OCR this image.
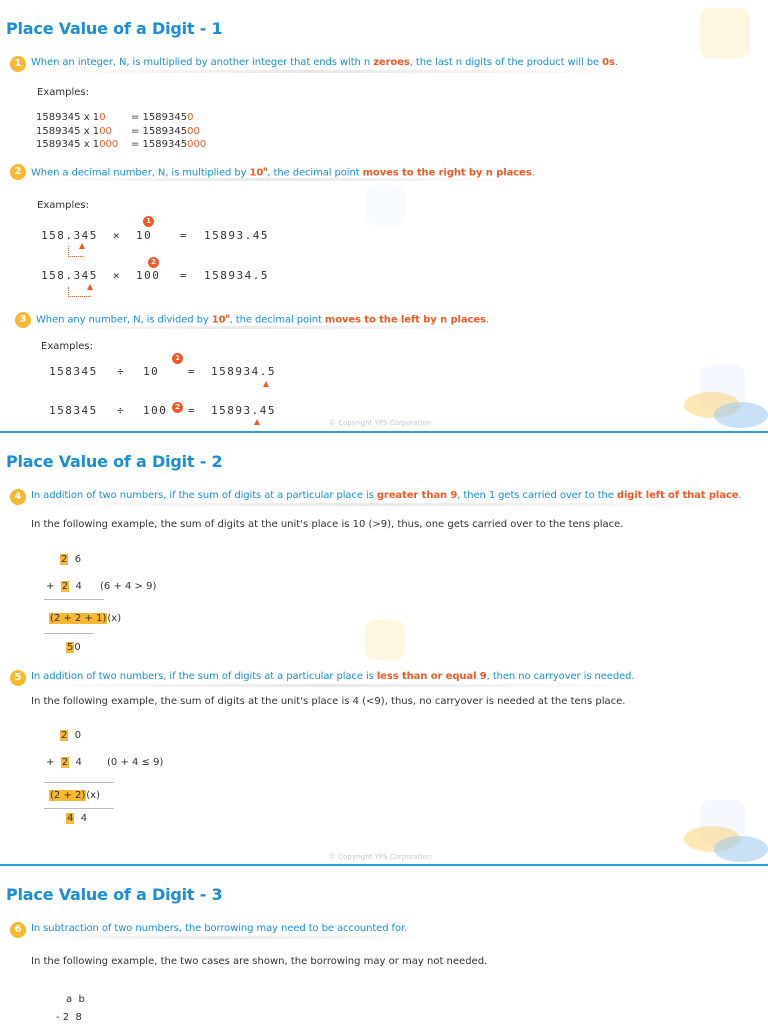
Place Value of a Digit - 1
1 When an integer, N, is multiplied by another integer that ends with n zeroes, the last n digits of the product will be 0s.
Examples:
1589345 x 10	= 15893450
1589345 x 100 = 158934500
1589345 x 1000 = 1589345000
2 When a decimal number, N, is multiplied by 10$^n$, the decimal point moves to the right by n places.
Examples:
1
158.345 × 10	= 15893.45
2
158.345 × 100 = 158934.5
3 When any number, N, is divided by 10$^n$, the decimal point moves to the left by n places.
Examples:
1
158345 ÷ 10	= 158934.5
2
158345 ÷ 100 = 15893.45
© Copyright YPS Corporation
Place Value of a Digit - 2
4 In addition of two numbers, if the sum of digits at a particular place is greater than 9, then 1 gets carried over to the digit left of that place.
In the following example, the sum of digits at the unit's place is 10 (>9), thus, one gets carried over to the tens place.
2 6
+ 2 4 (6 + 4 > 9)
(2 + 2 + 1)(x)
50
5 In addition of two numbers, if the sum of digits at a particular place is less than or equal 9, then no carryover is needed.
In the following example, the sum of digits at the unit's place is 4 (<9), thus, no carryover is needed at the tens place.
2 0
+ 2 4	(0 + 4 ≤ 9)
(2 + 2)(x)
4 4
© Copyright YPS Corporation
Place Value of a Digit - 3
6 In subtraction of two numbers, the borrowing may need to be accounted for.
In the following example, the two cases are shown, the borrowing may or may not needed.
a  b
- 2  8
